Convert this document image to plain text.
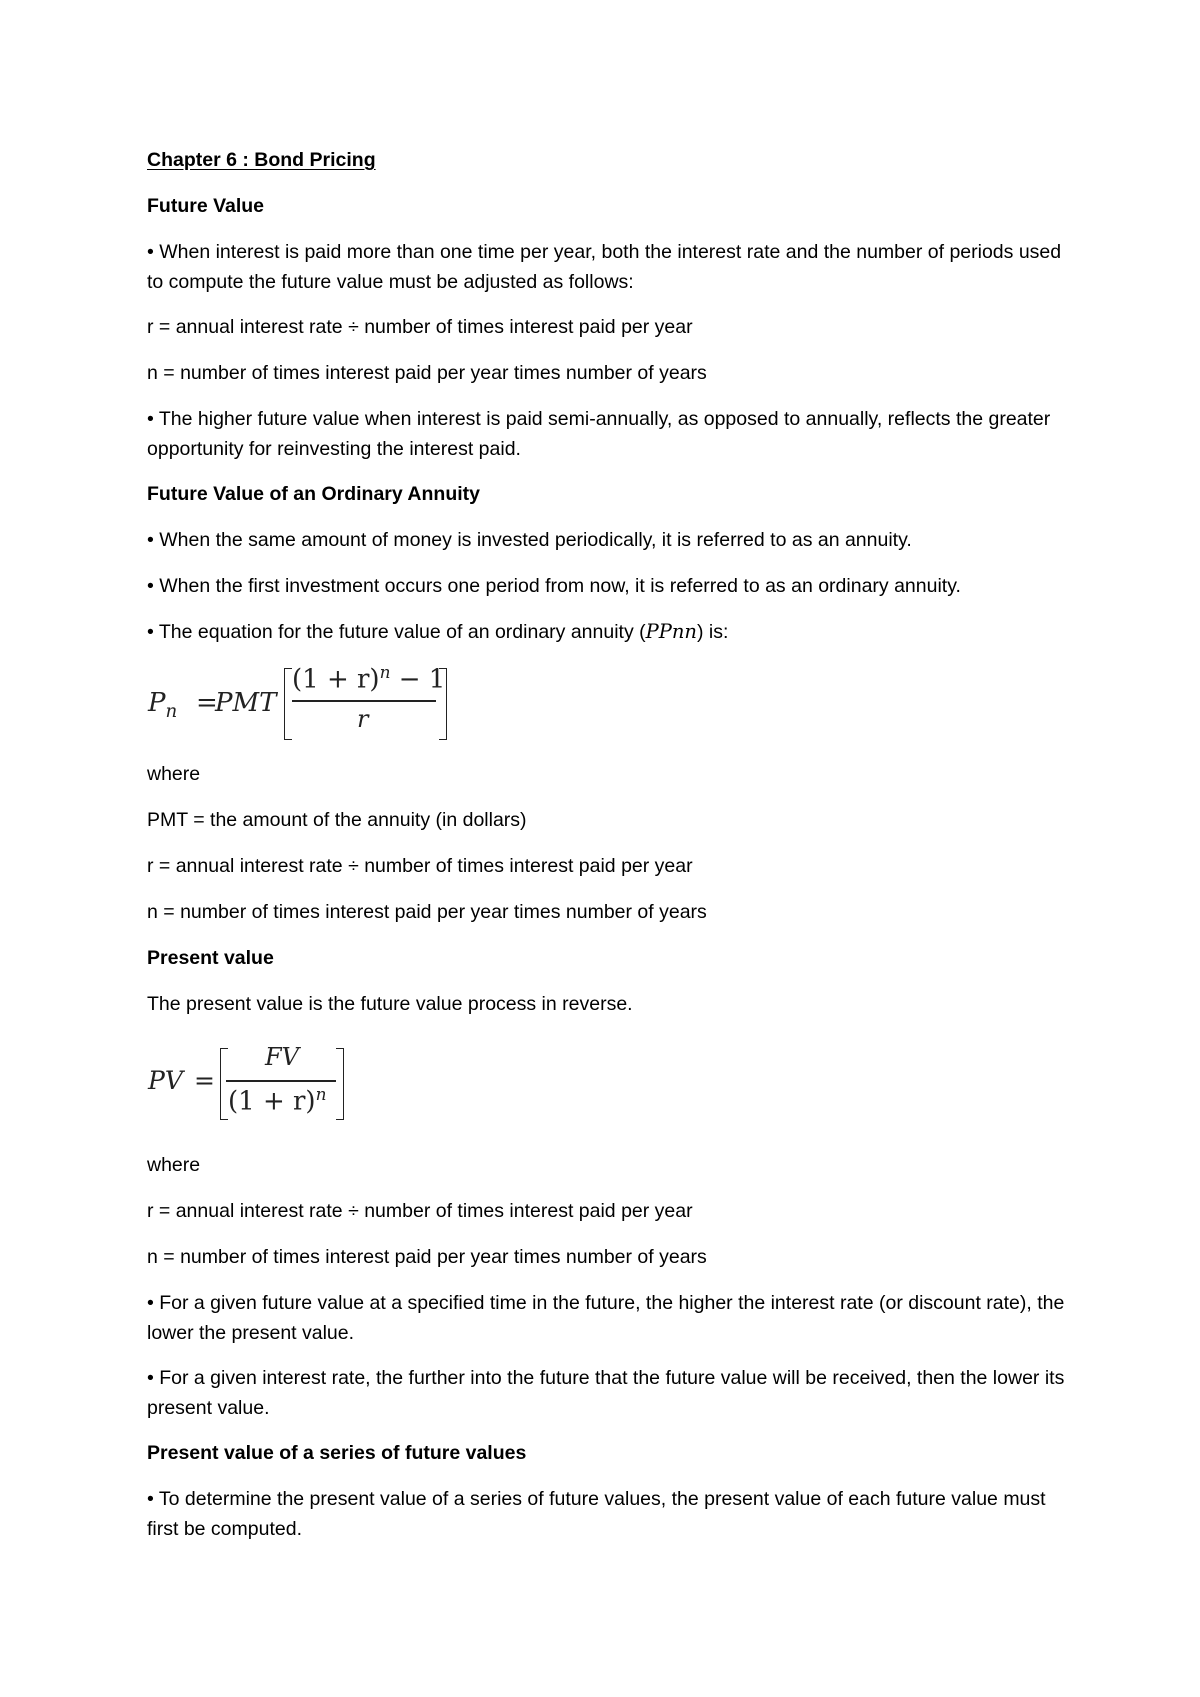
Chapter 6 : Bond Pricing
Future Value
• When interest is paid more than one time per year, both the interest rate and the number of periods used to compute the future value must be adjusted as follows:
r = annual interest rate ÷ number of times interest paid per year
n = number of times interest paid per year times number of years
• The higher future value when interest is paid semi-annually, as opposed to annually, reflects the greater opportunity for reinvesting the interest paid.
Future Value of an Ordinary Annuity
• When the same amount of money is invested periodically, it is referred to as an annuity.
• When the first investment occurs one period from now, it is referred to as an ordinary annuity.
• The equation for the future value of an ordinary annuity (PPnn) is:
$P_n$ =
PMT
$(1 + r)^n - 1$
r
where
PMT = the amount of the annuity (in dollars)
r = annual interest rate ÷ number of times interest paid per year
n = number of times interest paid per year times number of years
Present value
The present value is the future value process in reverse.
PV =
FV
$(1 + r)^n$
where
r = annual interest rate ÷ number of times interest paid per year
n = number of times interest paid per year times number of years
• For a given future value at a specified time in the future, the higher the interest rate (or discount rate), the lower the present value.
• For a given interest rate, the further into the future that the future value will be received, then the lower its present value.
Present value of a series of future values
• To determine the present value of a series of future values, the present value of each future value must first be computed.
